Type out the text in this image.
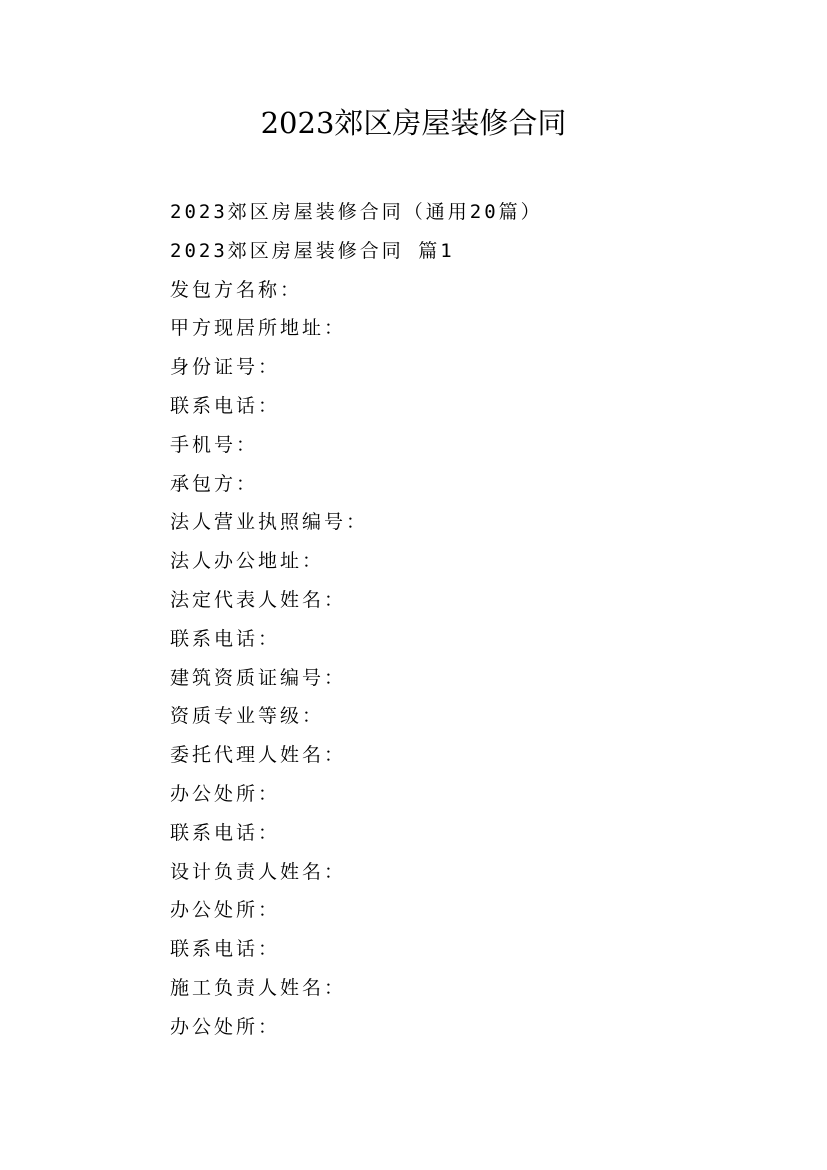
2023郊区房屋装修合同
2023郊区房屋装修合同（通用20篇）
2023郊区房屋装修合同 篇1
发包方名称：
甲方现居所地址：
身份证号：
联系电话：
手机号：
承包方：
法人营业执照编号：
法人办公地址：
法定代表人姓名：
联系电话：
建筑资质证编号：
资质专业等级：
委托代理人姓名：
办公处所：
联系电话：
设计负责人姓名：
办公处所：
联系电话：
施工负责人姓名：
办公处所：
